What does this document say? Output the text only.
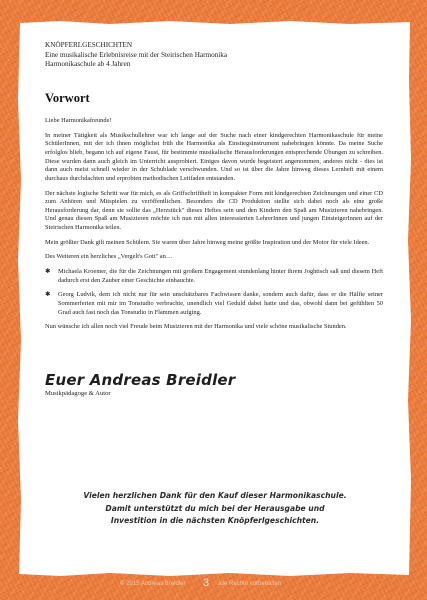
KNÖPFERLGESCHICHTEN
Eine musikalische Erlebnisreise mit der Steirischen Harmonika
Harmonikaschule ab 4 Jahren
Vorwort

Liebe Harmonikafreunde!

In meiner Tätigkeit als Musikschullehrer war ich lange auf der Suche nach einer kindgerechten Harmonikaschule für meine SchülerInnen, mit der ich ihnen möglichst früh die Harmonika als Einstiegsinstrument nahebringen könnte. Da meine Suche erfolglos blieb, begann ich auf eigene Faust, für bestimmte musikalische Herausforderungen entsprechende Übungen zu schreiben. Diese wurden dann auch gleich im Unterricht ausprobiert. Einiges davon wurde begeistert angenommen, anderes nicht - dies ist dann auch meist schnell wieder in der Schublade verschwunden. Und so ist über die Jahre hinweg dieses Lernheft mit einem durchaus durchdachten und erprobten methodischen Leitfaden entstanden.

Der nächste logische Schritt war für mich, es als Griffschriftheft in kompakter Form mit kindgerechten Zeichnungen und einer CD zum Anhören und Mitspielen zu veröffentlichen. Besonders die CD Produktion stellte sich dabei noch als eine große Herausforderung dar, denn sie sollte das „Herzstück" dieses Heftes sein und den Kindern den Spaß am Musizieren nahebringen. Und genau diesen Spaß am Musizieren möchte ich nun mit allen interessierten LehrerInnen und jungen EinsteigerInnen auf der Steirischen Harmonika teilen.

Mein größter Dank gilt meinen Schülern. Sie waren über Jahre hinweg meine größte Inspiration und der Motor für viele Ideen.

Des Weiteren ein herzliches „Vergelt's Gott" an…

✱ Michaela Kroemer, die für die Zeichnungen mit großem Engagement stundenlang hinter ihrem Joghtisch saß und diesem Heft dadurch erst den Zauber einer Geschichte einhauchte.
✱ Georg Ludvik, dem ich nicht nur für sein unschätzbares Fachwissen danke, sondern auch dafür, dass er die Hälfte seiner Sommerferien mit mir im Tonstudio verbrachte, unendlich viel Geduld dabei hatte und das, obwohl dann bei gefühlten 50 Grad auch fast noch das Tonstudio in Flammen aufging.

Nun wünsche ich allen noch viel Freude beim Musizieren mit der Harmonika und viele schöne musikalische Stunden.

Euer Andreas Breidler
Musikpädagoge & Autor
Vielen herzlichen Dank für den Kauf dieser Harmonikaschule.
Damit unterstützt du mich bei der Herausgabe und
Investition in die nächsten Knöpferlgeschichten.
© 2015 Andreas Breidler 3 alle Rechte vorbehalten
